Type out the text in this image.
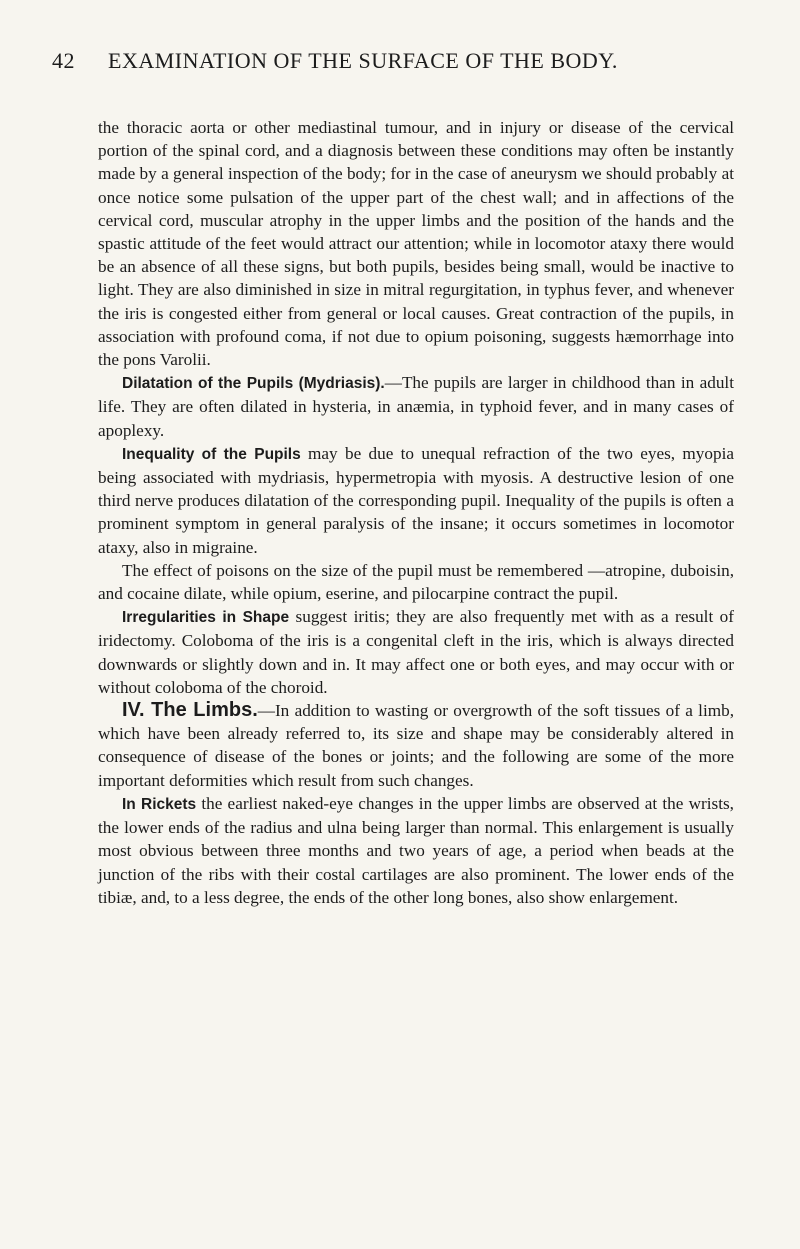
42 EXAMINATION OF THE SURFACE OF THE BODY.

the thoracic aorta or other mediastinal tumour, and in injury or disease of the cervical portion of the spinal cord, and a diagnosis between these conditions may often be instantly made by a general inspection of the body; for in the case of aneurysm we should probably at once notice some pulsation of the upper part of the chest wall; and in affections of the cervical cord, muscular atrophy in the upper limbs and the position of the hands and the spastic attitude of the feet would attract our attention; while in locomotor ataxy there would be an absence of all these signs, but both pupils, besides being small, would be inactive to light. They are also diminished in size in mitral regurgitation, in typhus fever, and whenever the iris is congested either from general or local causes. Great contraction of the pupils, in association with profound coma, if not due to opium poisoning, suggests hæmorrhage into the pons Varolii.

Dilatation of the Pupils (Mydriasis).—The pupils are larger in childhood than in adult life. They are often dilated in hysteria, in anæmia, in typhoid fever, and in many cases of apoplexy.

Inequality of the Pupils may be due to unequal refraction of the two eyes, myopia being associated with mydriasis, hypermetropia with myosis. A destructive lesion of one third nerve produces dilatation of the corresponding pupil. Inequality of the pupils is often a prominent symptom in general paralysis of the insane; it occurs sometimes in locomotor ataxy, also in migraine.

The effect of poisons on the size of the pupil must be remembered —atropine, duboisin, and cocaine dilate, while opium, eserine, and pilocarpine contract the pupil.

Irregularities in Shape suggest iritis; they are also frequently met with as a result of iridectomy. Coloboma of the iris is a congenital cleft in the iris, which is always directed downwards or slightly down and in. It may affect one or both eyes, and may occur with or without coloboma of the choroid.

IV. The Limbs.—In addition to wasting or overgrowth of the soft tissues of a limb, which have been already referred to, its size and shape may be considerably altered in consequence of disease of the bones or joints; and the following are some of the more important deformities which result from such changes.

In Rickets the earliest naked-eye changes in the upper limbs are observed at the wrists, the lower ends of the radius and ulna being larger than normal. This enlargement is usually most obvious between three months and two years of age, a period when beads at the junction of the ribs with their costal cartilages are also prominent. The lower ends of the tibiæ, and, to a less degree, the ends of the other long bones, also show enlargement.
